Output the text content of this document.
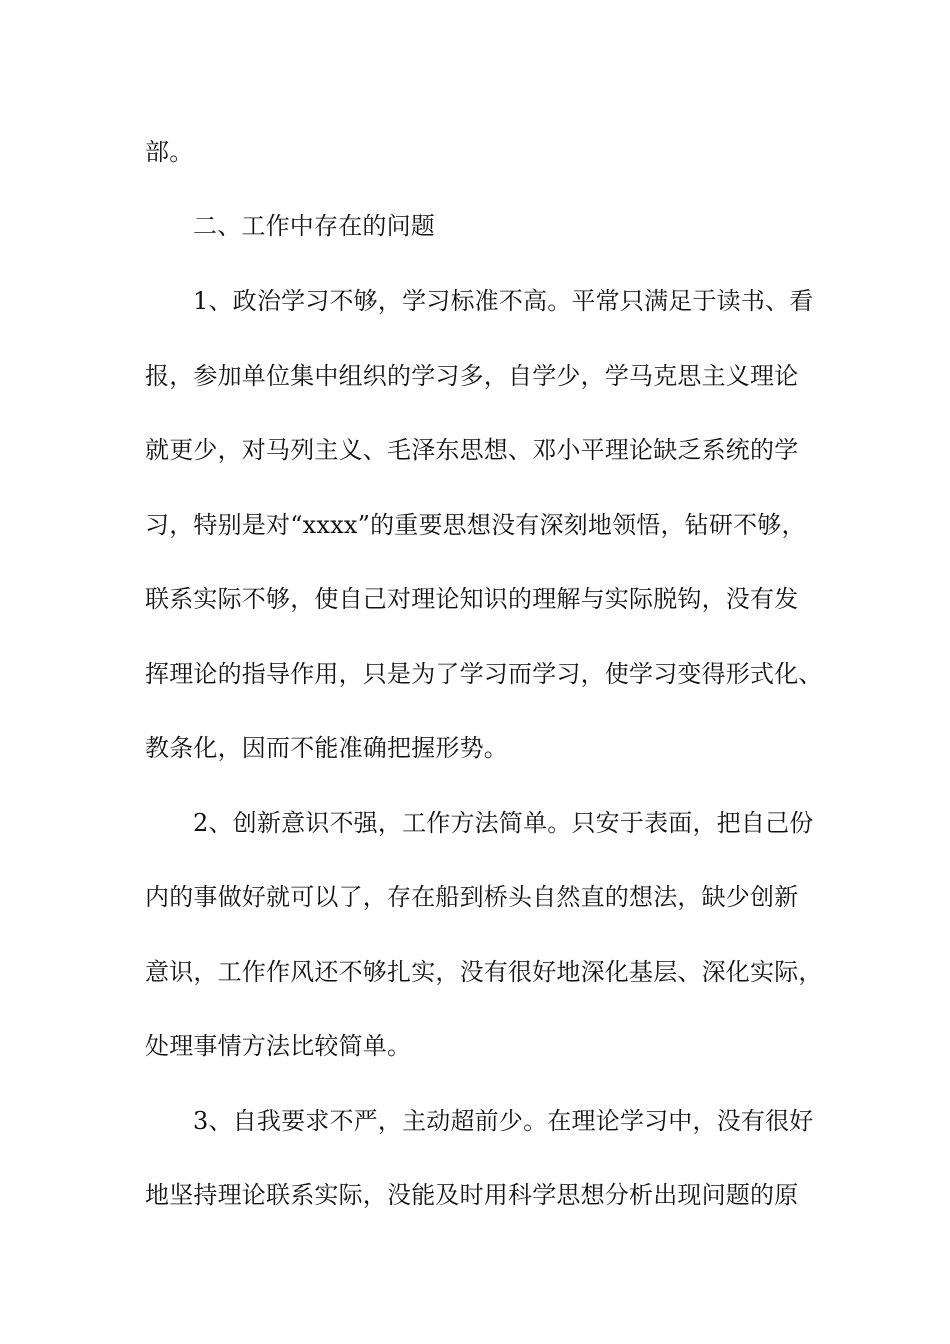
部。
二、工作中存在的问题
1、政治学习不够，学习标准不高。平常只满足于读书、看
报，参加单位集中组织的学习多，自学少，学马克思主义理论
就更少，对马列主义、毛泽东思想、邓小平理论缺乏系统的学
习，特别是对“xxxx”的重要思想没有深刻地领悟，钻研不够，
联系实际不够，使自己对理论知识的理解与实际脱钩，没有发
挥理论的指导作用，只是为了学习而学习，使学习变得形式化、
教条化，因而不能准确把握形势。
2、创新意识不强，工作方法简单。只安于表面，把自己份
内的事做好就可以了，存在船到桥头自然直的想法，缺少创新
意识，工作作风还不够扎实，没有很好地深化基层、深化实际，
处理事情方法比较简单。
3、自我要求不严，主动超前少。在理论学习中，没有很好
地坚持理论联系实际，没能及时用科学思想分析出现问题的原
